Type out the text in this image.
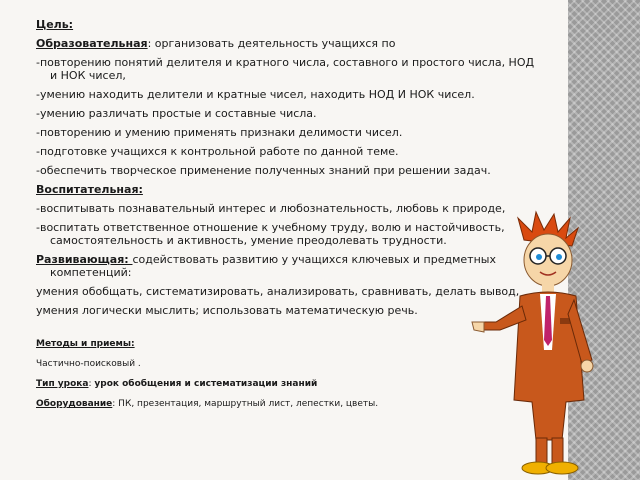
Цель:

Образовательная: организовать деятельность учащихся по

-повторению понятий делителя и кратного числа, составного и простого числа, НОД и НОК чисел,

-умению находить делители и кратные чисел, находить НОД И НОК чисел.

-умению различать простые и составные числа.

-повторению и умению применять признаки делимости чисел.

-подготовке учащихся к контрольной работе по данной теме.

-обеспечить творческое применение полученных знаний при решении задач.

Воспитательная:

-воспитывать познавательный интерес и любознательность, любовь к природе,

-воспитать ответственное отношение к учебному труду, волю и настойчивость, самостоятельность и активность, умение преодолевать трудности.

Развивающая: содействовать развитию у учащихся ключевых и предметных компетенций:

умения обобщать, систематизировать, анализировать, сравнивать, делать вывод,

умения логически мыслить; использовать математическую речь.

Методы и приемы:

Частично-поисковый .

Тип урока: урок обобщения и систематизации знаний

Оборудование: ПК, презентация, маршрутный лист, лепестки, цветы.
